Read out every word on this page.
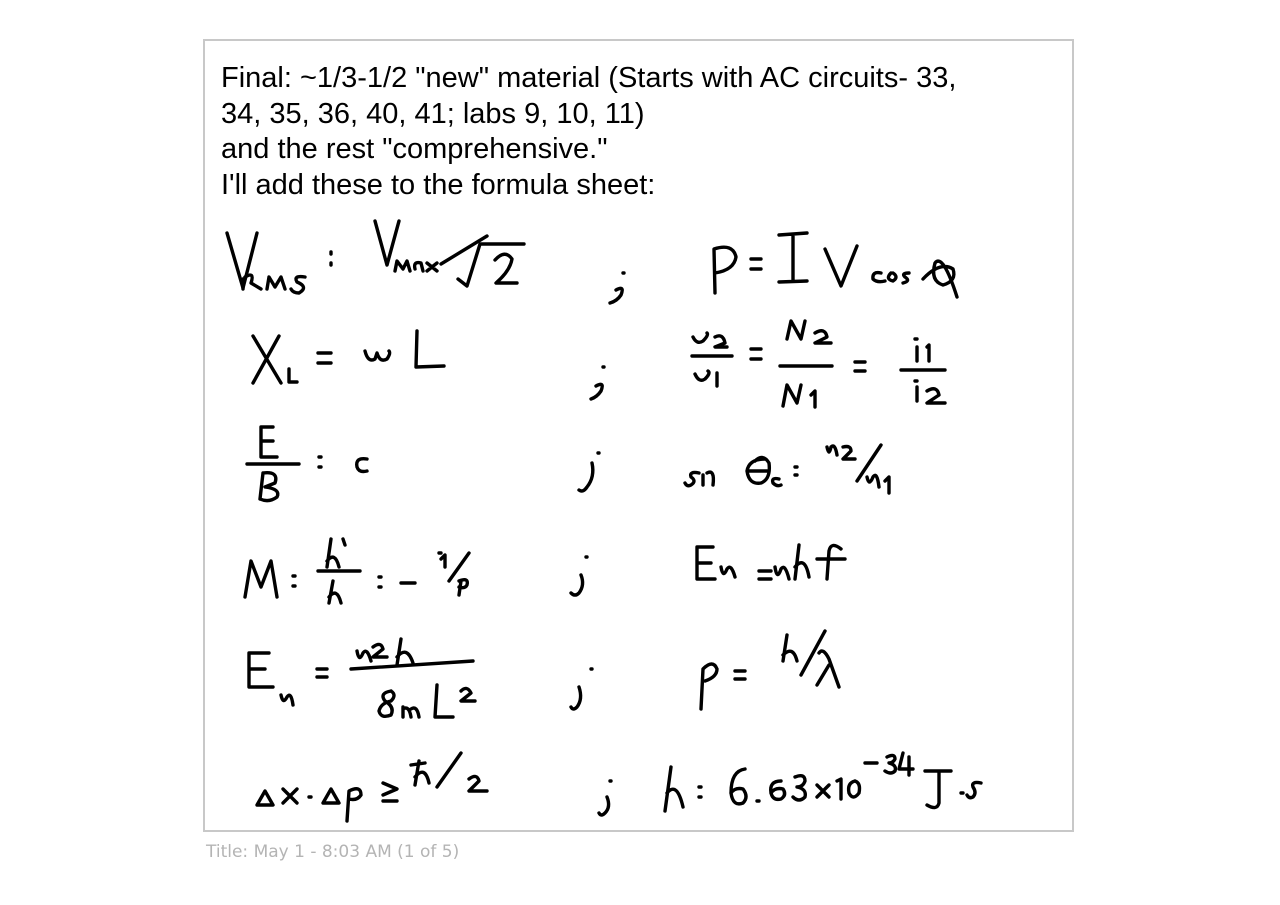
Final: ~1/3-1/2 "new" material (Starts with AC circuits- 33,
34, 35, 36, 40, 41; labs 9, 10, 11)
and the rest "comprehensive."
I'll add these to the formula sheet:
Title: May 1 - 8:03 AM (1 of 5)
